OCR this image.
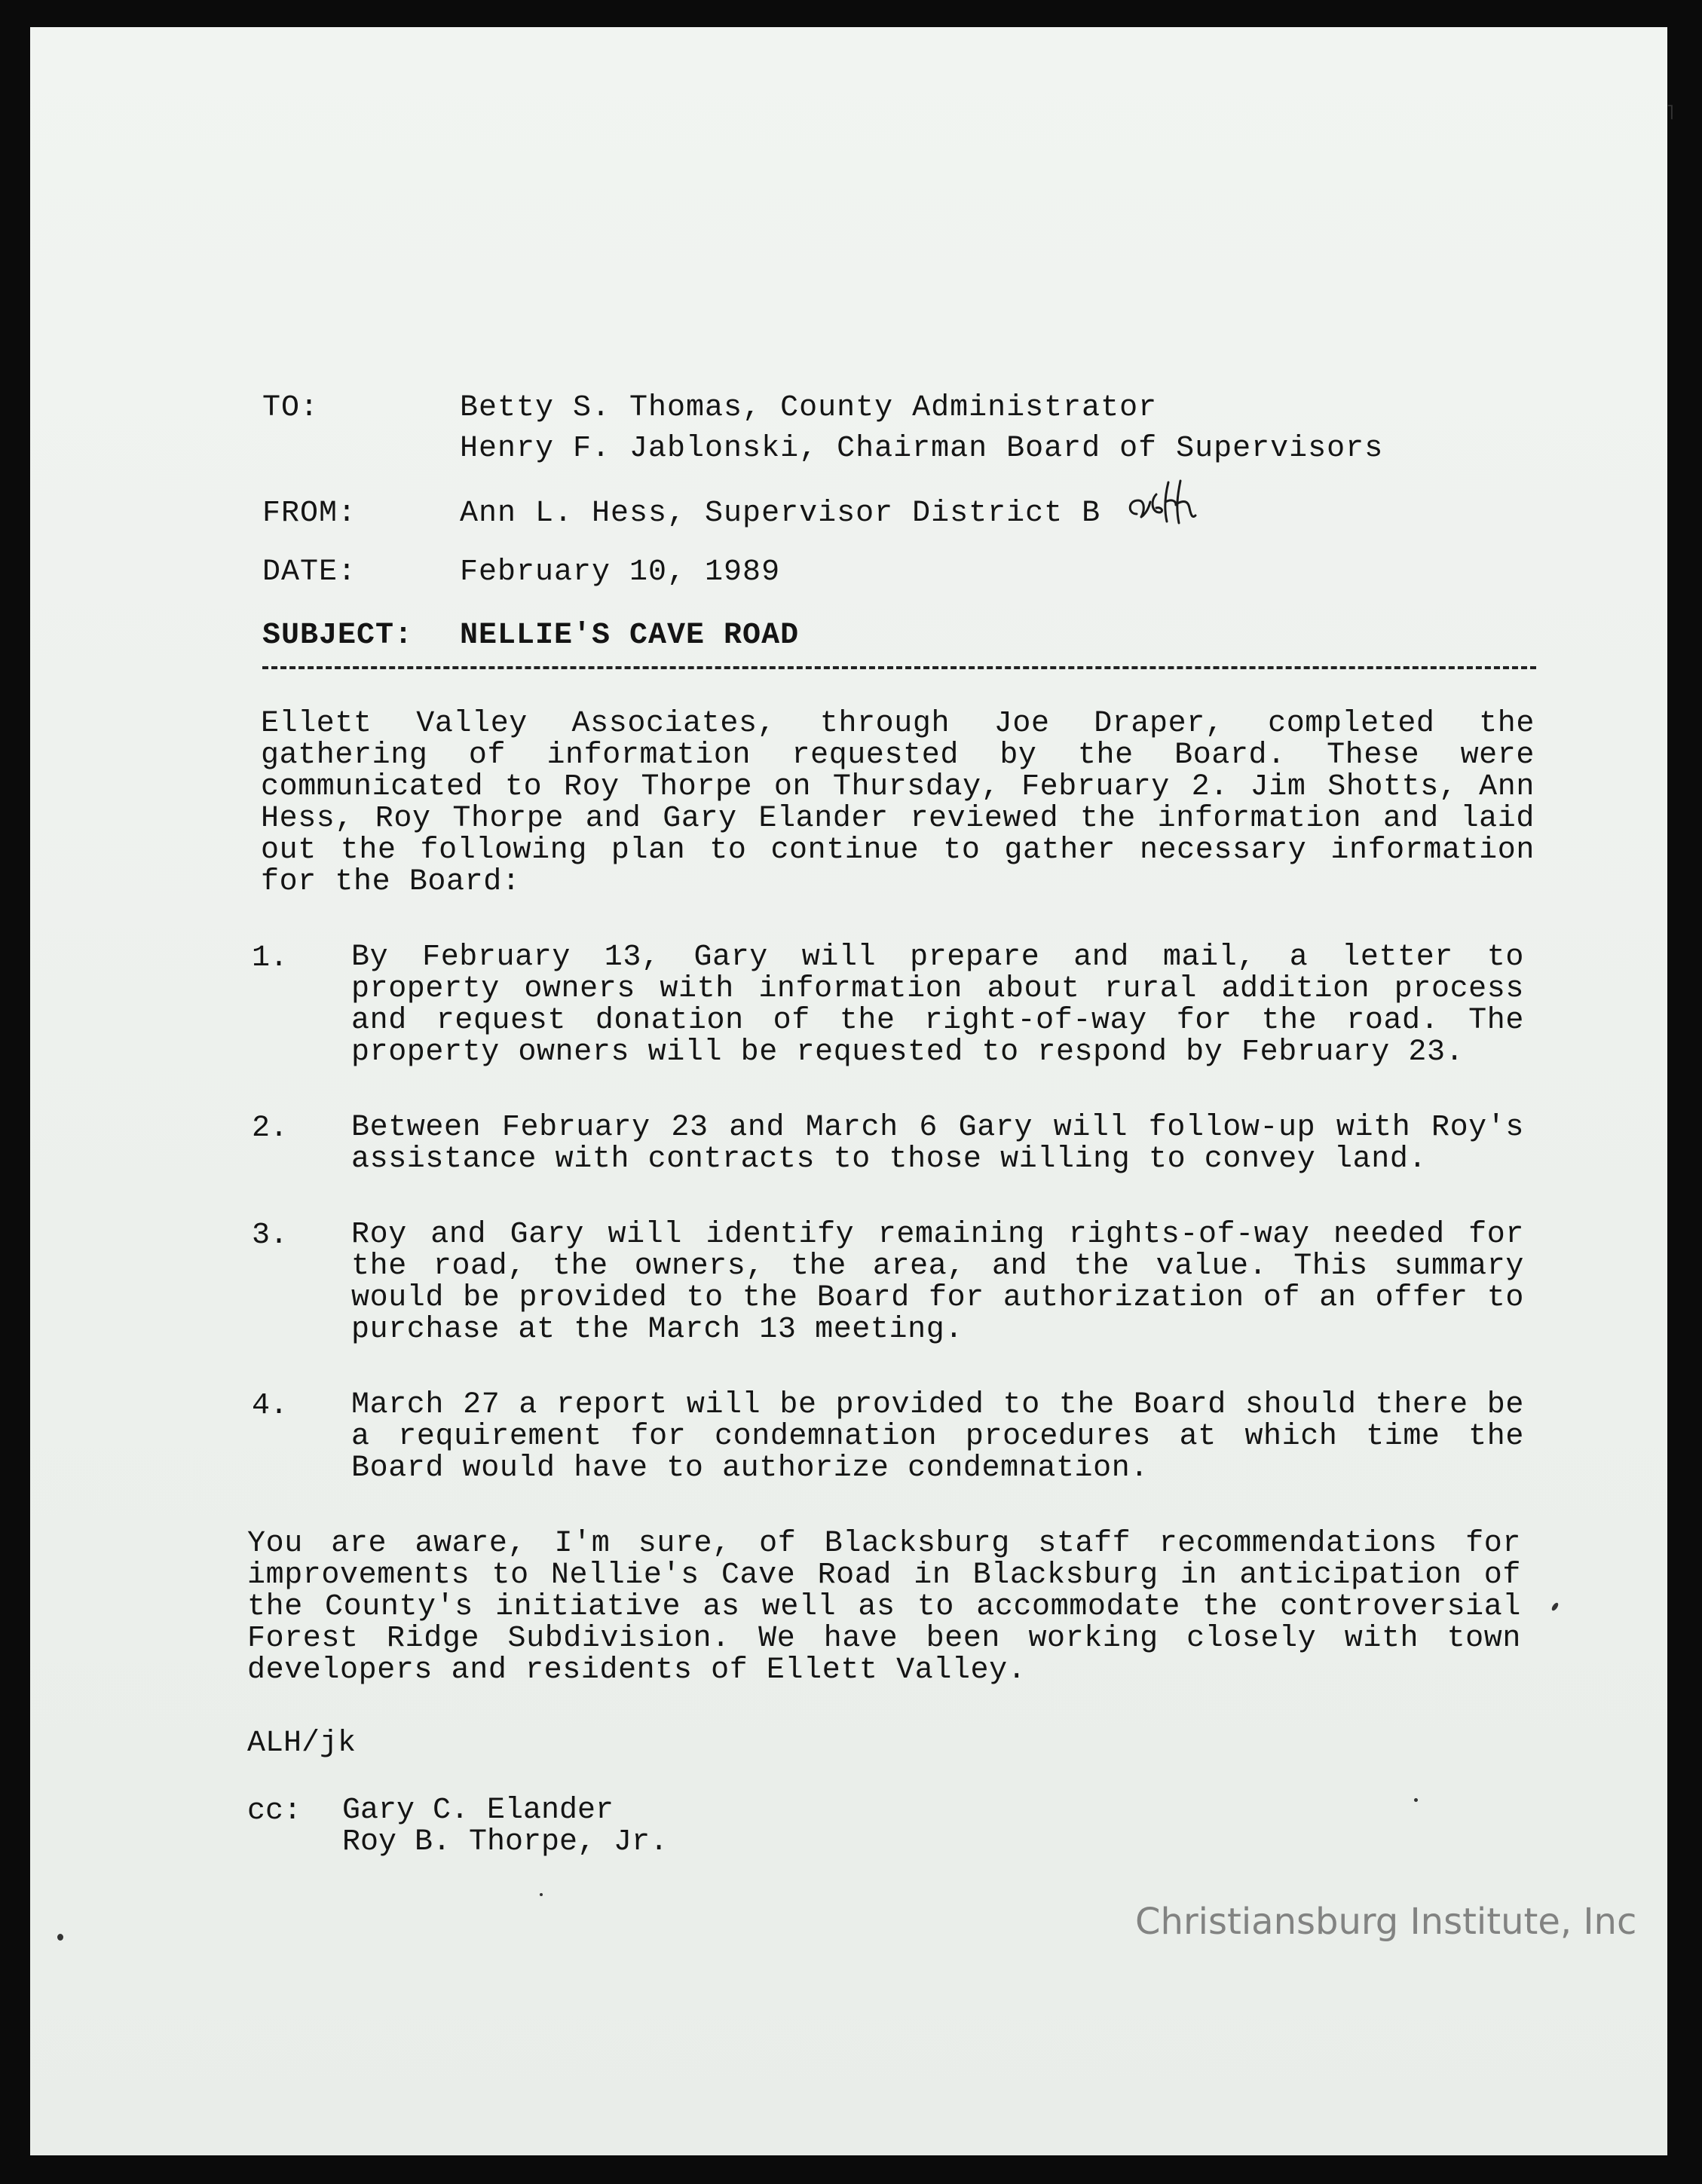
˥
TO:	Betty S. Thomas, County Administrator
Henry F. Jablonski, Chairman Board of Supervisors
FROM:	Ann L. Hess, Supervisor District B
DATE:	February 10, 1989
SUBJECT: NELLIE'S CAVE ROAD

Ellett Valley Associates, through Joe Draper, completed the gathering of information requested by the Board. These were communicated to Roy Thorpe on Thursday, February 2. Jim Shotts, Ann Hess, Roy Thorpe and Gary Elander reviewed the information and laid out the following plan to continue to gather necessary information for the Board:

1. By February 13, Gary will prepare and mail, a letter to property owners with information about rural addition process and request donation of the right-of-way for the road. The property owners will be requested to respond by February 23.
2. Between February 23 and March 6 Gary will follow-up with Roy's assistance with contracts to those willing to convey land.
3. Roy and Gary will identify remaining rights-of-way needed for the road, the owners, the area, and the value. This summary would be provided to the Board for authorization of an offer to purchase at the March 13 meeting.
4. March 27 a report will be provided to the Board should there be a requirement for condemnation procedures at which time the Board would have to authorize condemnation.

You are aware, I'm sure, of Blacksburg staff recommendations for improvements to Nellie's Cave Road in Blacksburg in anticipation of the County's initiative as well as to accommodate the controversial Forest Ridge Subdivision. We have been working closely with town developers and residents of Ellett Valley.

ALH/jk
cc: Gary C. Elander
Roy B. Thorpe, Jr.
Christiansburg Institute, Inc
